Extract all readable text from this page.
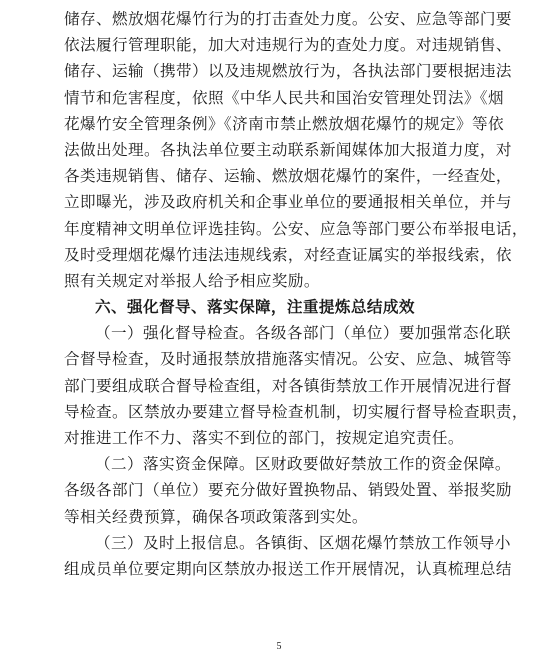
储存、燃放烟花爆竹行为的打击查处力度。公安、应急等部门要
依法履行管理职能，加大对违规行为的查处力度。对违规销售、
储存、运输（携带）以及违规燃放行为，各执法部门要根据违法
情节和危害程度，依照《中华人民共和国治安管理处罚法》《烟
花爆竹安全管理条例》《济南市禁止燃放烟花爆竹的规定》等依
法做出处理。各执法单位要主动联系新闻媒体加大报道力度，对
各类违规销售、储存、运输、燃放烟花爆竹的案件，一经查处，
立即曝光，涉及政府机关和企事业单位的要通报相关单位，并与
年度精神文明单位评选挂钩。公安、应急等部门要公布举报电话，
及时受理烟花爆竹违法违规线索，对经查证属实的举报线索，依
照有关规定对举报人给予相应奖励。
六、强化督导、落实保障，注重提炼总结成效
（一）强化督导检查。各级各部门（单位）要加强常态化联
合督导检查，及时通报禁放措施落实情况。公安、应急、城管等
部门要组成联合督导检查组，对各镇街禁放工作开展情况进行督
导检查。区禁放办要建立督导检查机制，切实履行督导检查职责，
对推进工作不力、落实不到位的部门，按规定追究责任。
（二）落实资金保障。区财政要做好禁放工作的资金保障。
各级各部门（单位）要充分做好置换物品、销毁处置、举报奖励
等相关经费预算，确保各项政策落到实处。
（三）及时上报信息。各镇街、区烟花爆竹禁放工作领导小
组成员单位要定期向区禁放办报送工作开展情况，认真梳理总结
5
